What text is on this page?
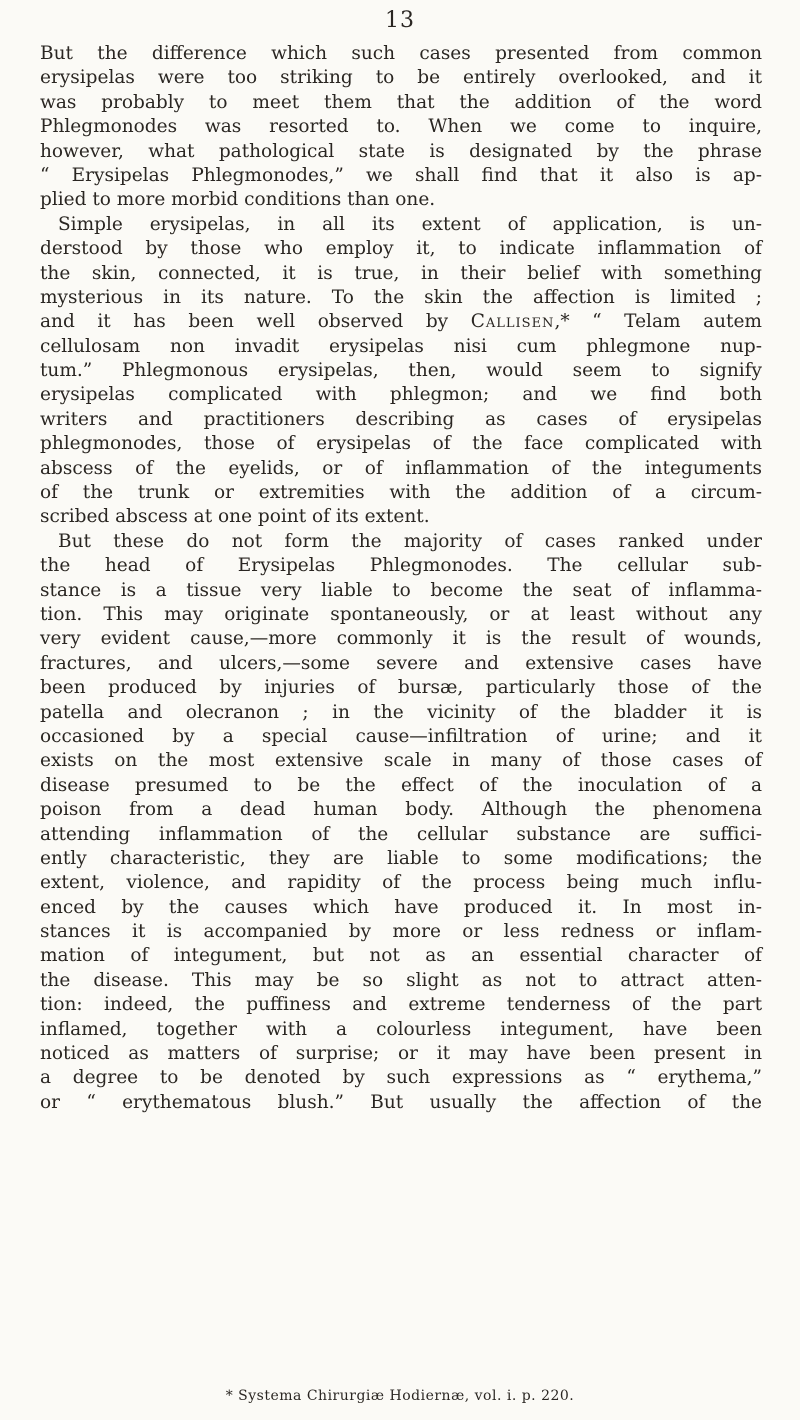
13
But the difference which such cases presented from common
erysipelas were too striking to be entirely overlooked, and it
was probably to meet them that the addition of the word
Phlegmonodes was resorted to. When we come to inquire,
however, what pathological state is designated by the phrase
“ Erysipelas Phlegmonodes,” we shall find that it also is ap-
plied to more morbid conditions than one.
Simple erysipelas, in all its extent of application, is un-
derstood by those who employ it, to indicate inflammation of
the skin, connected, it is true, in their belief with something
mysterious in its nature. To the skin the affection is limited ;
and it has been well observed by Callisen,* “ Telam autem
cellulosam non invadit erysipelas nisi cum phlegmone nup-
tum.” Phlegmonous erysipelas, then, would seem to signify
erysipelas complicated with phlegmon; and we find both
writers and practitioners describing as cases of erysipelas
phlegmonodes, those of erysipelas of the face complicated with
abscess of the eyelids, or of inflammation of the integuments
of the trunk or extremities with the addition of a circum-
scribed abscess at one point of its extent.
But these do not form the majority of cases ranked under
the head of Erysipelas Phlegmonodes. The cellular sub-
stance is a tissue very liable to become the seat of inflamma-
tion. This may originate spontaneously, or at least without any
very evident cause,—more commonly it is the result of wounds,
fractures, and ulcers,—some severe and extensive cases have
been produced by injuries of bursæ, particularly those of the
patella and olecranon ; in the vicinity of the bladder it is
occasioned by a special cause—infiltration of urine; and it
exists on the most extensive scale in many of those cases of
disease presumed to be the effect of the inoculation of a
poison from a dead human body. Although the phenomena
attending inflammation of the cellular substance are suffici-
ently characteristic, they are liable to some modifications; the
extent, violence, and rapidity of the process being much influ-
enced by the causes which have produced it. In most in-
stances it is accompanied by more or less redness or inflam-
mation of integument, but not as an essential character of
the disease. This may be so slight as not to attract atten-
tion: indeed, the puffiness and extreme tenderness of the part
inflamed, together with a colourless integument, have been
noticed as matters of surprise; or it may have been present in
a degree to be denoted by such expressions as “ erythema,”
or “ erythematous blush.” But usually the affection of the
* Systema Chirurgiæ Hodiernæ, vol. i. p. 220.
